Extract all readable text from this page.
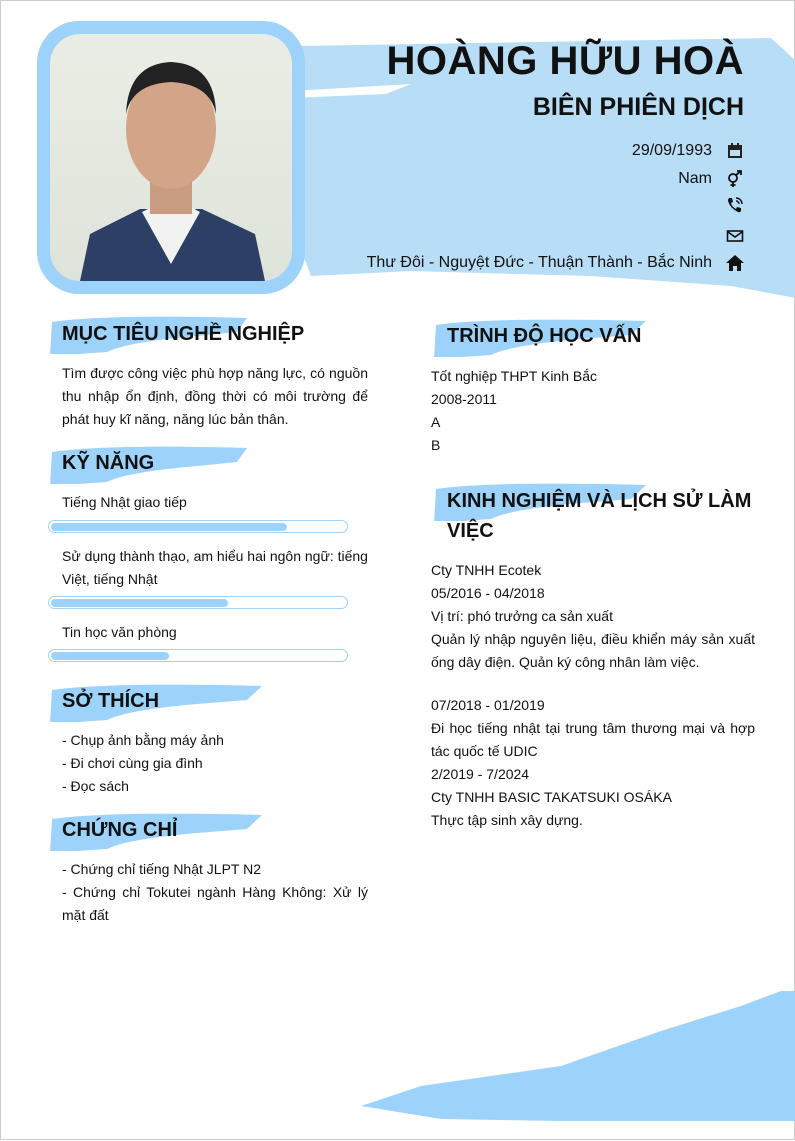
HOÀNG HỮU HOÀ
BIÊN PHIÊN DỊCH
29/09/1993
Nam
Thư Đôi - Nguyệt Đức - Thuận Thành - Bắc Ninh
MỤC TIÊU NGHỀ NGHIỆP
Tìm được công việc phù hợp năng lực, có nguồn thu nhập ổn định, đồng thời có môi trường để phát huy kĩ năng, năng lúc bản thân.
KỸ NĂNG
Tiếng Nhật giao tiếp
Sử dụng thành thạo, am hiểu hai ngôn ngữ: tiếng Việt, tiếng Nhật
Tin học văn phòng
SỞ THÍCH
- Chụp ảnh bằng máy ảnh
- Đi chơi cùng gia đình
- Đọc sách
CHỨNG CHỈ
- Chứng chỉ tiếng Nhật JLPT N2
- Chứng chỉ Tokutei ngành Hàng Không: Xử lý mặt đất
TRÌNH ĐỘ HỌC VẤN
Tốt nghiệp THPT Kinh Bắc
2008-2011
A
B
KINH NGHIỆM VÀ LỊCH SỬ LÀM VIỆC
Cty TNHH Ecotek
05/2016 - 04/2018
Vị trí: phó trưởng ca sản xuất
Quản lý nhập nguyên liệu, điều khiển máy sản xuất ống dây điện. Quản ký công nhân làm việc.
07/2018 - 01/2019
Đi học tiếng nhật tại trung tâm thương mại và hợp tác quốc tế UDIC
2/2019 - 7/2024
Cty TNHH BASIC TAKATSUKI OSÁKA
Thực tập sinh xây dựng.
